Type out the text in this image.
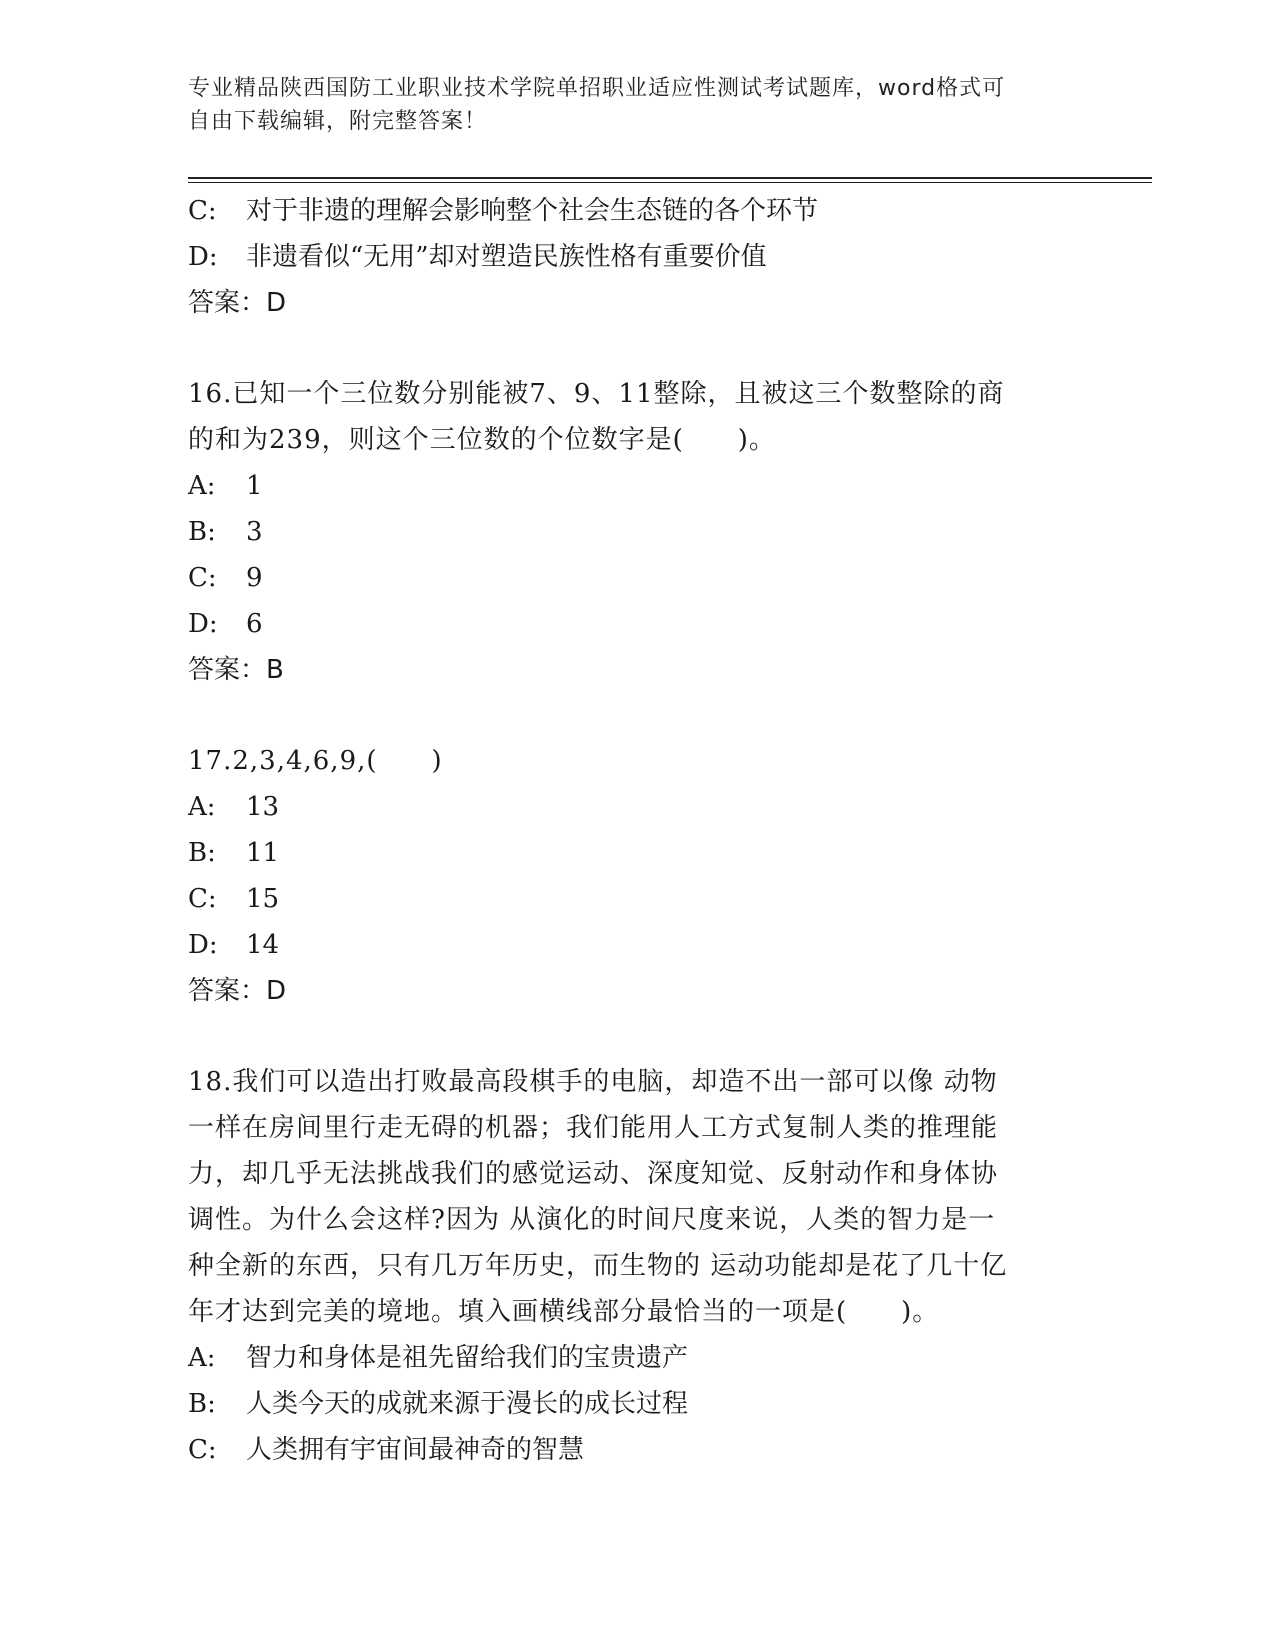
专业精品陕西国防工业职业技术学院单招职业适应性测试考试题库，word格式可
自由下载编辑，附完整答案！
C: 对于非遗的理解会影响整个社会生态链的各个环节
D: 非遗看似“无用”却对塑造民族性格有重要价值
答案：D
16.已知一个三位数分别能被7、9、11整除，且被这三个数整除的商
的和为239，则这个三位数的个位数字是(　　)。
A: 1
B: 3
C: 9
D: 6
答案：B
17.2,3,4,6,9,(　　)
A: 13
B: 11
C: 15
D: 14
答案：D
18.我们可以造出打败最高段棋手的电脑，却造不出一部可以像 动物
一样在房间里行走无碍的机器；我们能用人工方式复制人类的推理能
力，却几乎无法挑战我们的感觉运动、深度知觉、反射动作和身体协
调性。为什么会这样?因为 从演化的时间尺度来说，人类的智力是一
种全新的东西，只有几万年历史，而生物的 运动功能却是花了几十亿
年才达到完美的境地。填入画横线部分最恰当的一项是(　　)。
A: 智力和身体是祖先留给我们的宝贵遗产
B: 人类今天的成就来源于漫长的成长过程
C: 人类拥有宇宙间最神奇的智慧
